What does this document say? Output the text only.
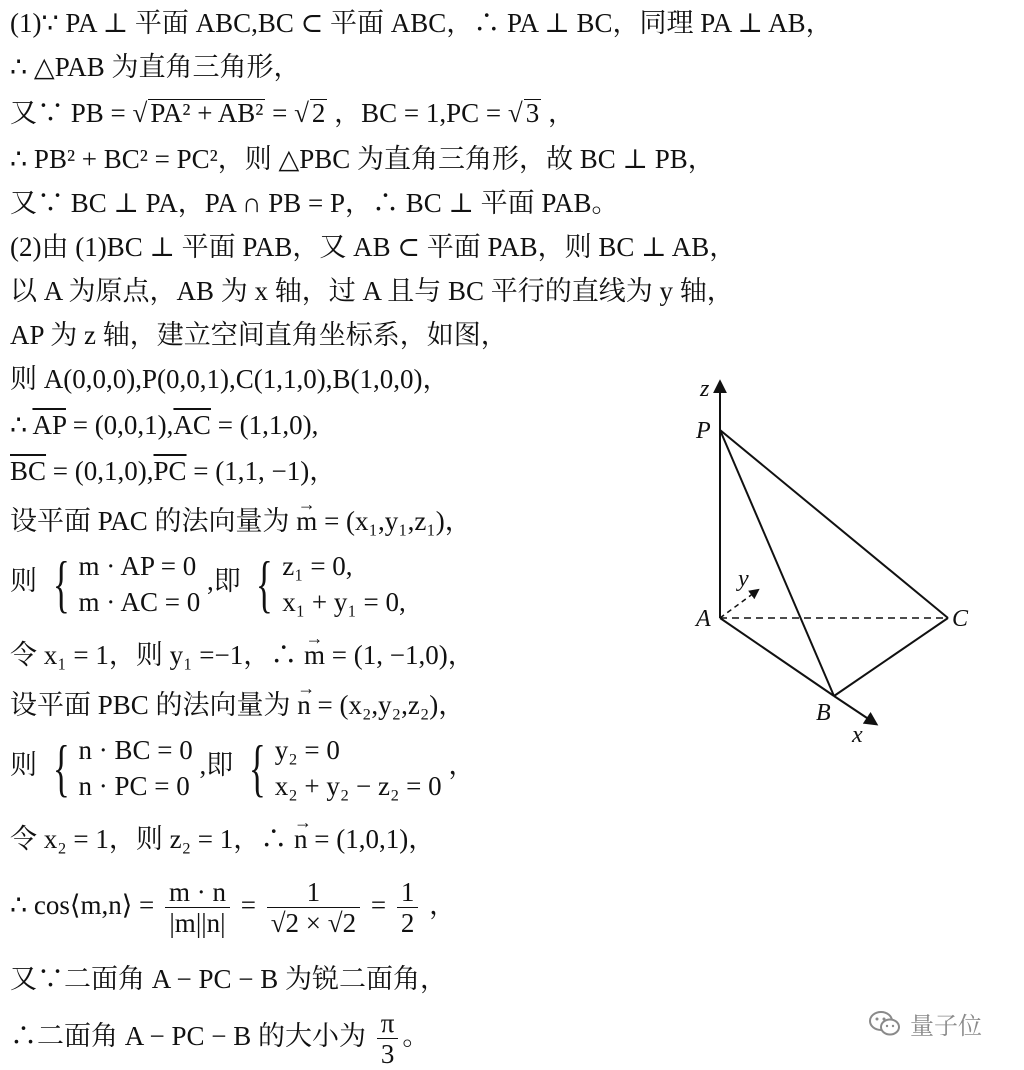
(1)∵ PA ⊥ 平面 ABC,BC ⊂ 平面 ABC，∴ PA ⊥ BC，同理 PA ⊥ AB，
∴ △PAB 为直角三角形，
又∵ PB = √ PA² + AB² = √ 2 ，BC = 1,PC = √ 3 ，
∴ PB² + BC² = PC²，则 △PBC 为直角三角形，故 BC ⊥ PB，
又∵ BC ⊥ PA，PA ∩ PB = P，∴ BC ⊥ 平面 PAB。
(2)由 (1)BC ⊥ 平面 PAB，又 AB ⊂ 平面 PAB，则 BC ⊥ AB，
以 A 为原点，AB 为 x 轴，过 A 且与 BC 平行的直线为 y 轴，
AP 为 z 轴，建立空间直角坐标系，如图，
则 A(0,0,0),P(0,0,1),C(1,1,0),B(1,0,0)，
∴ $\overline{AP} = (0,0,1),\overline{AC} = (1,1,0)$,
$\overline{BC} = (0,1,0),\overline{PC} = (1,1$, −1)，
设平面 PAC 的法向量为 → m = (x₁,y₁,z₁)，
则 { m · AP = 0
m · AC = 0
,即 { z₁ = 0,
x₁ + y₁ = 0,
令 x₁ = 1，则 y₁ =−1，∴ → m = (1, −1,0)，
设平面 PBC 的法向量为 → n = (x₂,y₂,z₂)，
则 { n · BC = 0
n · PC = 0
,即 { y₂ = 0
x₂ + y₂ − z₂ = 0
，
令 x₂ = 1，则 z₂ = 1，∴ → n = (1,0,1)，
∴ cos⟨m,n⟩ = $\frac{m \cdot n}{|m||n|} = \frac{1}{√2 \times √2} = \frac{1}{2}$ ，
又∵二面角 A − PC − B 为锐二面角，
∴二面角 A − PC − B 的大小为 $\frac{\pi}{3}$ 。
z
P
y
A	C
B
x
量子位
